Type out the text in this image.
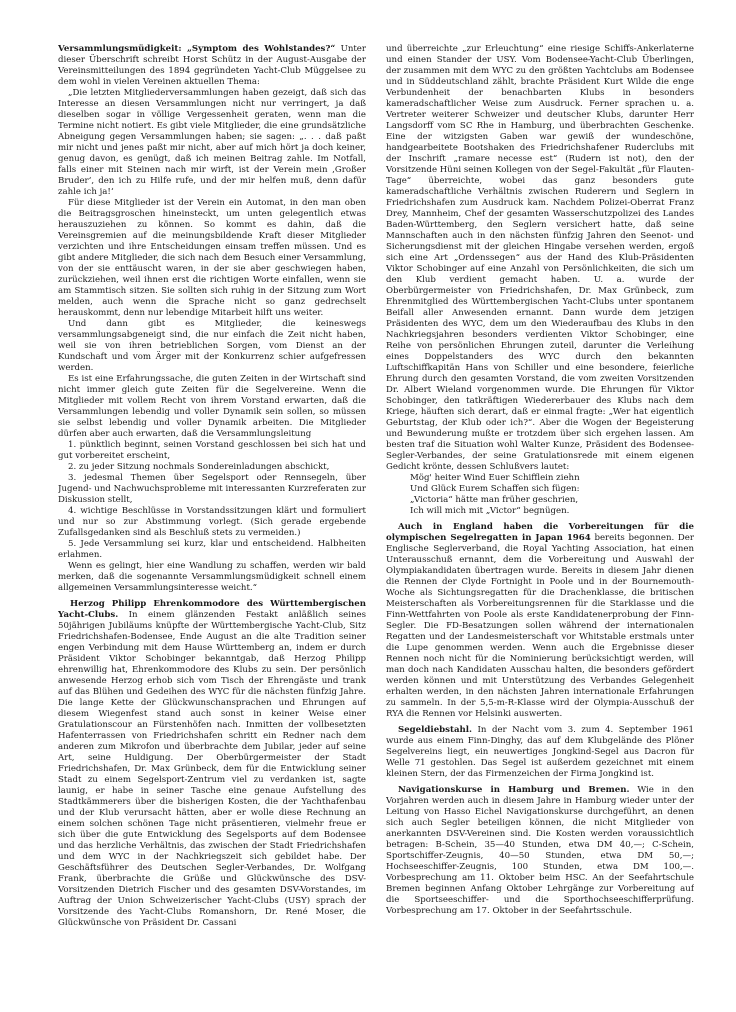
Versammlungsmüdigkeit: „Symptom des Wohlstandes?“ Unter dieser Überschrift schreibt Horst Schütz in der August-Ausgabe der Vereinsmitteilungen des 1894 gegründeten Yacht-Club Müggelsee zu dem wohl in vielen Vereinen aktuellen Thema:

„Die letzten Mitgliederversammlungen haben gezeigt, daß sich das Interesse an diesen Versammlungen nicht nur verringert, ja daß dieselben sogar in völlige Vergessenheit geraten, wenn man die Termine nicht notiert. Es gibt viele Mitglieder, die eine grundsätzliche Abneigung gegen Versammlungen haben; sie sagen: „. . . daß paßt mir nicht und jenes paßt mir nicht, aber auf mich hört ja doch keiner, genug davon, es genügt, daß ich meinen Beitrag zahle. Im Notfall, falls einer mit Steinen nach mir wirft, ist der Verein mein ‚Großer Bruder‘, den ich zu Hilfe rufe, und der mir helfen muß, denn dafür zahle ich ja!‘

Für diese Mitglieder ist der Verein ein Automat, in den man oben die Beitragsgroschen hineinsteckt, um unten gelegentlich etwas herauszuziehen zu können. So kommt es dahin, daß die Vereinsgremien auf die meinungsbildende Kraft dieser Mitglieder verzichten und ihre Entscheidungen einsam treffen müssen. Und es gibt andere Mitglieder, die sich nach dem Besuch einer Versammlung, von der sie enttäuscht waren, in der sie aber geschwiegen haben, zurückziehen, weil ihnen erst die richtigen Worte einfallen, wenn sie am Stammtisch sitzen. Sie sollten sich ruhig in der Sitzung zum Wort melden, auch wenn die Sprache nicht so ganz gedrechselt herauskommt, denn nur lebendige Mitarbeit hilft uns weiter.

Und dann gibt es Mitglieder, die keineswegs versammlungsabgeneigt sind, die nur einfach die Zeit nicht haben, weil sie von ihren betrieblichen Sorgen, vom Dienst an der Kundschaft und vom Ärger mit der Konkurrenz schier aufgefressen werden.

Es ist eine Erfahrungssache, die guten Zeiten in der Wirtschaft sind nicht immer gleich gute Zeiten für die Segelvereine. Wenn die Mitglieder mit vollem Recht von ihrem Vorstand erwarten, daß die Versammlungen lebendig und voller Dynamik sein sollen, so müssen sie selbst lebendig und voller Dynamik arbeiten. Die Mitglieder dürfen aber auch erwarten, daß die Versammlungsleitung

1. pünktlich beginnt, seinen Vorstand geschlossen bei sich hat und gut vorbereitet erscheint,

2. zu jeder Sitzung nochmals Sondereinladungen abschickt,

3. jedesmal Themen über Segelsport oder Rennsegeln, über Jugend- und Nachwuchsprobleme mit interessanten Kurzreferaten zur Diskussion stellt,

4. wichtige Beschlüsse in Vorstandssitzungen klärt und formuliert und nur so zur Abstimmung vorlegt. (Sich gerade ergebende Zufallsgedanken sind als Beschluß stets zu vermeiden.)

5. Jede Versammlung sei kurz, klar und entscheidend. Halbheiten erlahmen.

Wenn es gelingt, hier eine Wandlung zu schaffen, werden wir bald merken, daß die sogenannte Versammlungsmüdigkeit schnell einem allgemeinen Versammlungsinteresse weicht.“

Herzog Philipp Ehrenkommodore des Württembergischen Yacht-Clubs. In einem glänzenden Festakt anläßlich seines 50jährigen Jubiläums knüpfte der Württembergische Yacht-Club, Sitz Friedrichshafen-Bodensee, Ende August an die alte Tradition seiner engen Verbindung mit dem Hause Württemberg an, indem er durch Präsident Viktor Schobinger bekanntgab, daß Herzog Philipp ehrenwillig hat, Ehrenkommodore des Klubs zu sein. Der persönlich anwesende Herzog erhob sich vom Tisch der Ehrengäste und trank auf das Blühen und Gedeihen des WYC für die nächsten fünfzig Jahre. Die lange Kette der Glückwunschansprachen und Ehrungen auf diesem Wiegenfest stand auch sonst in keiner Weise einer Gratulationscour an Fürstenhöfen nach. Inmitten der vollbesetzten Hafenterrassen von Friedrichshafen schritt ein Redner nach dem anderen zum Mikrofon und überbrachte dem Jubilar, jeder auf seine Art, seine Huldigung. Der Oberbürgermeister der Stadt Friedrichshafen, Dr. Max Grünbeck, dem für die Entwicklung seiner Stadt zu einem Segelsport-Zentrum viel zu verdanken ist, sagte launig, er habe in seiner Tasche eine genaue Aufstellung des Stadtkämmerers über die bisherigen Kosten, die der Yachthafenbau und der Klub verursacht hätten, aber er wolle diese Rechnung an einem solchen schönen Tage nicht präsentieren, vielmehr freue er sich über die gute Entwicklung des Segelsports auf dem Bodensee und das herzliche Verhältnis, das zwischen der Stadt Friedrichshafen und dem WYC in der Nachkriegszeit sich gebildet habe. Der Geschäftsführer des Deutschen Segler-Verbandes, Dr. Wolfgang Frank, überbrachte die Grüße und Glückwünsche des DSV-Vorsitzenden Dietrich Fischer und des gesamten DSV-Vorstandes, im Auftrag der Union Schweizerischer Yacht-Clubs (USY) sprach der Vorsitzende des Yacht-Clubs Romanshorn, Dr. René Moser, die Glückwünsche von Präsident Dr. Cassani

und überreichte „zur Erleuchtung“ eine riesige Schiffs-Ankerlaterne und einen Stander der USY. Vom Bodensee-Yacht-Club Überlingen, der zusammen mit dem WYC zu den größten Yachtclubs am Bodensee und in Süddeutschland zählt, brachte Präsident Kurt Wilde die enge Verbundenheit der benachbarten Klubs in besonders kameradschaftlicher Weise zum Ausdruck. Ferner sprachen u. a. Vertreter weiterer Schweizer und deutscher Klubs, darunter Herr Langsdorff vom SC Rhe in Hamburg, und überbrachten Geschenke. Eine der witzigsten Gaben war gewiß der wundeschöne, handgearbeitete Bootshaken des Friedrichshafener Ruderclubs mit der Inschrift „ramare necesse est“ (Rudern ist not), den der Vorsitzende Hüni seinen Kollegen von der Segel-Fakultät „für Flauten-Tage“ überreichte, wobei das ganz besonders gute kameradschaftliche Verhältnis zwischen Ruderern und Seglern in Friedrichshafen zum Ausdruck kam. Nachdem Polizei-Oberrat Franz Drey, Mannheim, Chef der gesamten Wasserschutzpolizei des Landes Baden-Württemberg, den Seglern versichert hatte, daß seine Mannschaften auch in den nächsten fünfzig Jahren den Seenot- und Sicherungsdienst mit der gleichen Hingabe versehen werden, ergoß sich eine Art „Ordenssegen“ aus der Hand des Klub-Präsidenten Viktor Schobinger auf eine Anzahl von Persönlichkeiten, die sich um den Klub verdient gemacht haben. U. a. wurde der Oberbürgermeister von Friedrichshafen, Dr. Max Grünbeck, zum Ehrenmitglied des Württembergischen Yacht-Clubs unter spontanem Beifall aller Anwesenden ernannt. Dann wurde dem jetzigen Präsidenten des WYC, dem um den Wiederaufbau des Klubs in den Nachkriegsjahren besonders verdienten Viktor Schobinger, eine Reihe von persönlichen Ehrungen zuteil, darunter die Verleihung eines Doppelstanders des WYC durch den bekannten Luftschiffkapitän Hans von Schiller und eine besondere, feierliche Ehrung durch den gesamten Vorstand, die vom zweiten Vorsitzenden Dr. Albert Wieland vorgenommen wurde. Die Ehrungen für Viktor Schobinger, den tatkräftigen Wiedererbauer des Klubs nach dem Kriege, häuften sich derart, daß er einmal fragte: „Wer hat eigentlich Geburtstag, der Klub oder ich?“. Aber die Wogen der Begeisterung und Bewunderung mußte er trotzdem über sich ergehen lassen. Am besten traf die Situation wohl Walter Kunze, Präsident des Bodensee-Segler-Verbandes, der seine Gratulationsrede mit einem eigenen Gedicht krönte, dessen Schlußvers lautet:

Mög' heiter Wind Euer Schifflein ziehn

Und Glück Eurem Schaffen sich fügen:

„Victoria“ hätte man früher geschrien,

Ich will mich mit „Victor“ begnügen.

Auch in England haben die Vorbereitungen für die olympischen Segelregatten in Japan 1964 bereits begonnen. Der Englische Seglerverband, die Royal Yachting Association, hat einen Unterausschuß ernannt, dem die Vorbereitung und Auswahl der Olympiakandidaten übertragen wurde. Bereits in diesem Jahr dienen die Rennen der Clyde Fortnight in Poole und in der Bournemouth-Woche als Sichtungsregatten für die Drachenklasse, die britischen Meisterschaften als Vorbereitungsrennen für die Starklasse und die Finn-Wettfahrten von Poole als erste Kandidatenerprobung der Finn-Segler. Die FD-Besatzungen sollen während der internationalen Regatten und der Landesmeisterschaft vor Whitstable erstmals unter die Lupe genommen werden. Wenn auch die Ergebnisse dieser Rennen noch nicht für die Nominierung berücksichtigt werden, will man doch nach Kandidaten Ausschau halten, die besonders gefördert werden können und mit Unterstützung des Verbandes Gelegenheit erhalten werden, in den nächsten Jahren internationale Erfahrungen zu sammeln. In der 5,5-m-R-Klasse wird der Olympia-Ausschuß der RYA die Rennen vor Helsinki auswerten.

Segeldiebstahl. In der Nacht vom 3. zum 4. September 1961 wurde aus einem Finn-Dinghy, das auf dem Klubgelände des Plöner Segelvereins liegt, ein neuwertiges Jongkind-Segel aus Dacron für Welle 71 gestohlen. Das Segel ist außerdem gezeichnet mit einem kleinen Stern, der das Firmenzeichen der Firma Jongkind ist.

Navigationskurse in Hamburg und Bremen. Wie in den Vorjahren werden auch in diesem Jahre in Hamburg wieder unter der Leitung von Hasso Eichel Navigationskurse durchgeführt, an denen sich auch Segler beteiligen können, die nicht Mitglieder von anerkannten DSV-Vereinen sind. Die Kosten werden voraussichtlich betragen: B-Schein, 35—40 Stunden, etwa DM 40,—; C-Schein, Sportschiffer-Zeugnis, 40—50 Stunden, etwa DM 50,—; Hochseeschiffer-Zeugnis, 100 Stunden, etwa DM 100,—. Vorbesprechung am 11. Oktober beim HSC. An der Seefahrtschule Bremen beginnen Anfang Oktober Lehrgänge zur Vorbereitung auf die Sportseeschiffer- und die Sporthochseeschifferprüfung. Vorbesprechung am 17. Oktober in der Seefahrtsschule.
